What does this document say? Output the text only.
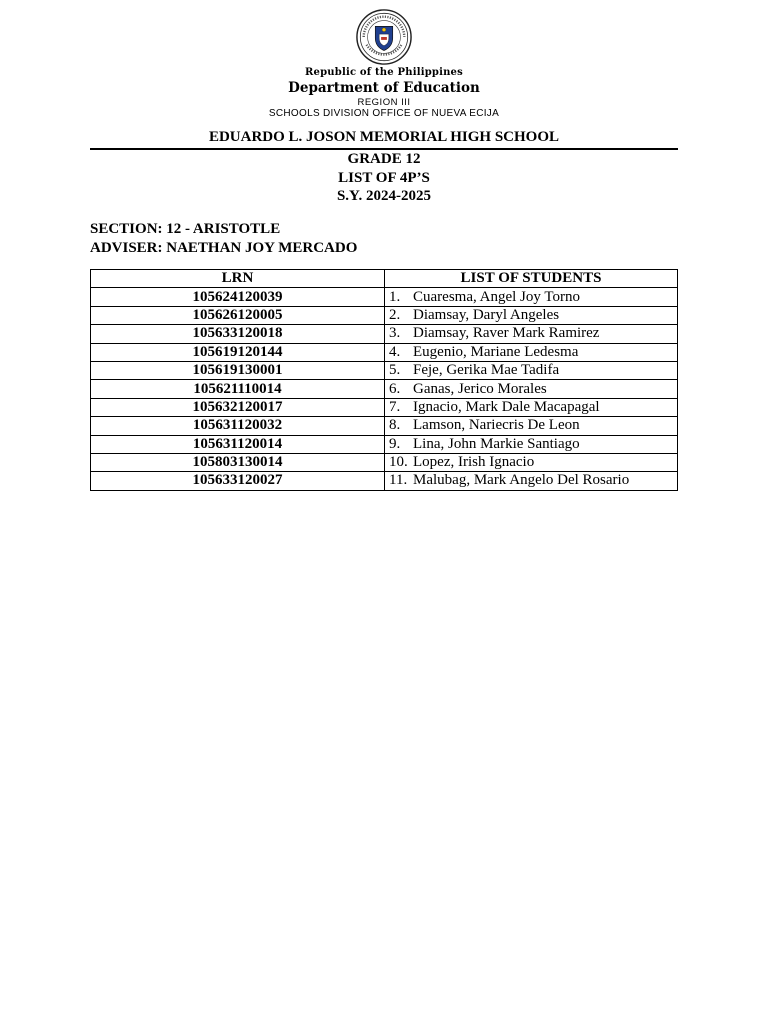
Republic of the Philippines
Department of Education
REGION III
SCHOOLS DIVISION OFFICE OF NUEVA ECIJA
EDUARDO L. JOSON MEMORIAL HIGH SCHOOL
GRADE 12
LIST OF 4P’S
S.Y. 2024-2025
SECTION: 12 - ARISTOTLE
ADVISER: NAETHAN JOY MERCADO
LRN	LIST OF STUDENTS
105624120039	1. Cuaresma, Angel Joy Torno
105626120005	2. Diamsay, Daryl Angeles
105633120018	3. Diamsay, Raver Mark Ramirez
105619120144	4. Eugenio, Mariane Ledesma
105619130001	5. Feje, Gerika Mae Tadifa
105621110014	6. Ganas, Jerico Morales
105632120017	7. Ignacio, Mark Dale Macapagal
105631120032	8. Lamson, Nariecris De Leon
105631120014	9. Lina, John Markie Santiago
105803130014	10. Lopez, Irish Ignacio
105633120027	11. Malubag, Mark Angelo Del Rosario
